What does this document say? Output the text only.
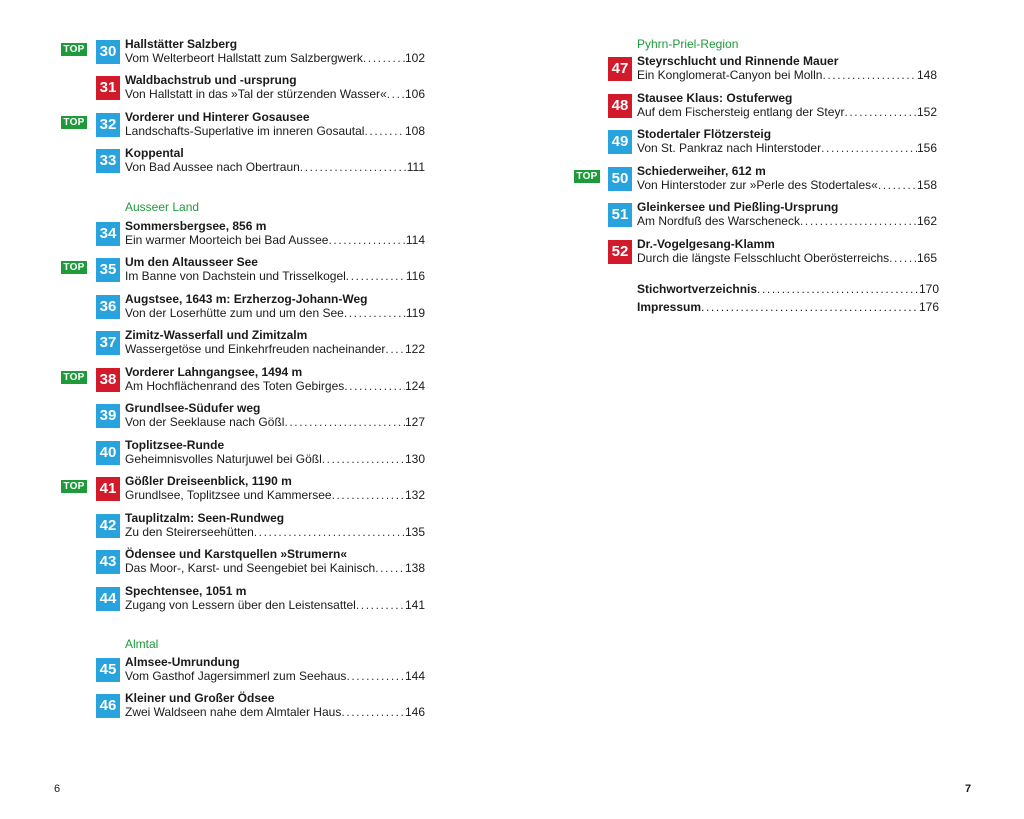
TOP 30 Hallstätter Salzberg
Vom Welterbeort Hallstatt zum Salzbergwerk .....	102
31 Waldbachstrub und -ursprung
Von Hallstatt in das »Tal der stürzenden Wasser« ..... 106
TOP 32 Vorderer und Hinterer Gosausee
Landschafts-Superlative im inneren Gosautal .....	108
33 Koppental
Von Bad Aussee nach Obertraun .....	111
34 Sommersbergsee, 856 m
Ein warmer Moorteich bei Bad Aussee .....	114
TOP 35 Um den Altausseer See
Im Banne von Dachstein und Trisselkogel .....	116
36 Augstsee, 1643 m: Erzherzog-Johann-Weg
Von der Loserhütte zum und um den See .....	119
37 Zimitz-Wasserfall und Zimitzalm
Wassergetöse und Einkehrfreuden nacheinander ..... 122
TOP 38 Vorderer Lahngangsee, 1494 m
Am Hochflächenrand des Toten Gebirges .....	124
39 Grundlsee-Südufer weg
Von der Seeklause nach Gößl .....	127
40 Toplitzsee-Runde
Geheimnisvolles Naturjuwel bei Gößl .....	130
TOP 41 Gößler Dreiseenblick, 1190 m
Grundlsee, Toplitzsee und Kammersee .....	132
42 Tauplitzalm: Seen-Rundweg
Zu den Steirerseehütten .....	135
43 Ödensee und Karstquellen »Strumern«
Das Moor-, Karst- und Seengebiet bei Kainisch ..... 138
44 Spechtensee, 1051 m
Zugang von Lessern über den Leistensattel .....	141
45 Almsee-Umrundung
Vom Gasthof Jagersimmerl zum Seehaus .....	144
46 Kleiner und Großer Ödsee
Zwei Waldseen nahe dem Almtaler Haus .....	146
Ausseer Land
Almtal
6
Pyhrn-Priel-Region
47 Steyrschlucht und Rinnende Mauer
Ein Konglomerat-Canyon bei Molln .....	148
48 Stausee Klaus: Ostuferweg
Auf dem Fischersteig entlang der Steyr .....	152
49 Stodertaler Flötzersteig
Von St. Pankraz nach Hinterstoder .....	156
TOP 50 Schiederweiher, 612 m
Von Hinterstoder zur »Perle des Stodertales« .....	158
51 Gleinkersee und Pießling-Ursprung
Am Nordfuß des Warscheneck .....	162
52 Dr.-Vogelgesang-Klamm
Durch die längste Felsschlucht Oberösterreichs ..... 165
Stichwortverzeichnis .....	170
Impressum .....	176
7
